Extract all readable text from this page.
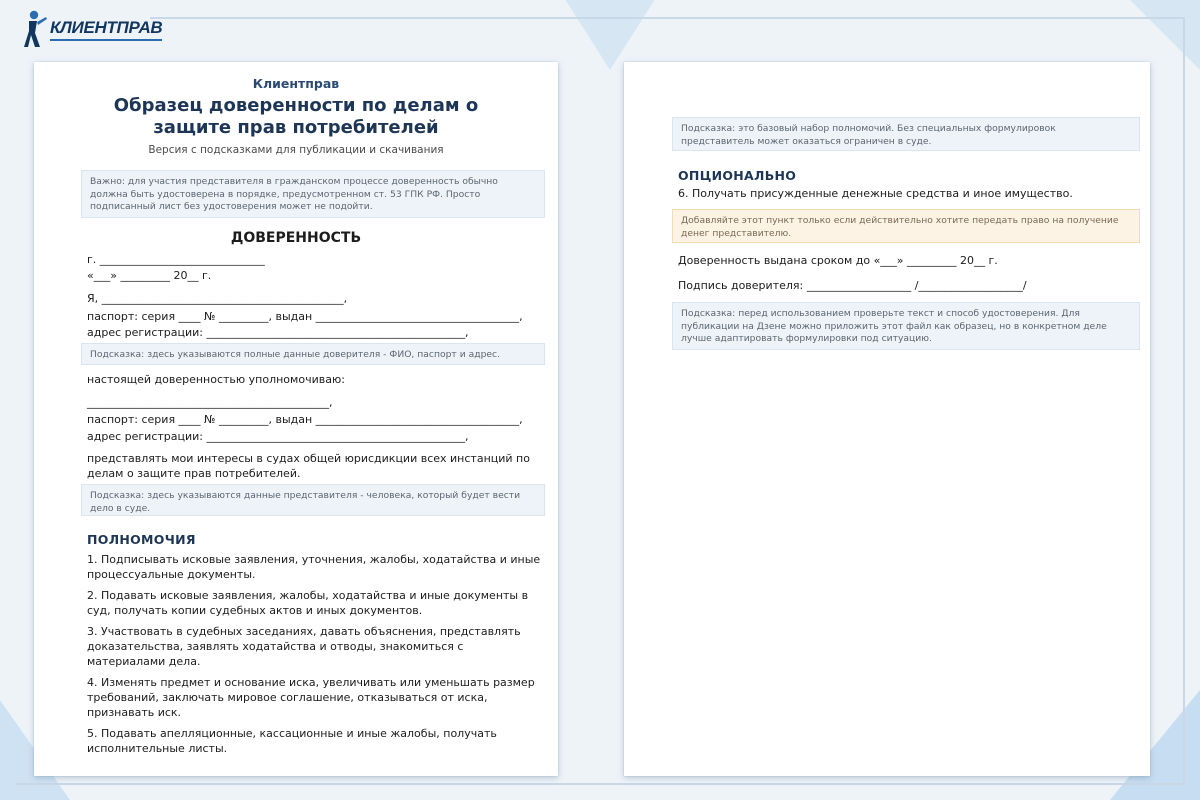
КЛИЕНТПРАВ
Клиентправ
Образец доверенности по делам о защите прав потребителей
Версия с подсказками для публикации и скачивания
Важно: для участия представителя в гражданском процессе доверенность обычно должна быть удостоверена в порядке, предусмотренном ст. 53 ГПК РФ. Просто подписанный лист без удостоверения может не подойти.
ДОВЕРЕННОСТЬ
г. ______________________________
«___» _________ 20__ г.
Я, ____________________________________________,
паспорт: серия ____ № _________, выдан _____________________________________,
адрес регистрации: _______________________________________________,
Подсказка: здесь указываются полные данные доверителя - ФИО, паспорт и адрес.
настоящей доверенностью уполномочиваю:
____________________________________________,
паспорт: серия ____ № _________, выдан _____________________________________,
адрес регистрации: _______________________________________________,
представлять мои интересы в судах общей юрисдикции всех инстанций по делам о защите прав потребителей.
Подсказка: здесь указываются данные представителя - человека, который будет вести дело в суде.
ПОЛНОМОЧИЯ
1. Подписывать исковые заявления, уточнения, жалобы, ходатайства и иные процессуальные документы.
2. Подавать исковые заявления, жалобы, ходатайства и иные документы в суд, получать копии судебных актов и иных документов.
3. Участвовать в судебных заседаниях, давать объяснения, представлять доказательства, заявлять ходатайства и отводы, знакомиться с материалами дела.
4. Изменять предмет и основание иска, увеличивать или уменьшать размер требований, заключать мировое соглашение, отказываться от иска, признавать иск.
5. Подавать апелляционные, кассационные и иные жалобы, получать исполнительные листы.
Подсказка: это базовый набор полномочий. Без специальных формулировок представитель может оказаться ограничен в суде.
ОПЦИОНАЛЬНО
6. Получать присужденные денежные средства и иное имущество.
Добавляйте этот пункт только если действительно хотите передать право на получение денег представителю.
Доверенность выдана сроком до «___» _________ 20__ г.
Подпись доверителя: ___________________ /___________________/
Подсказка: перед использованием проверьте текст и способ удостоверения. Для публикации на Дзене можно приложить этот файл как образец, но в конкретном деле лучше адаптировать формулировки под ситуацию.
